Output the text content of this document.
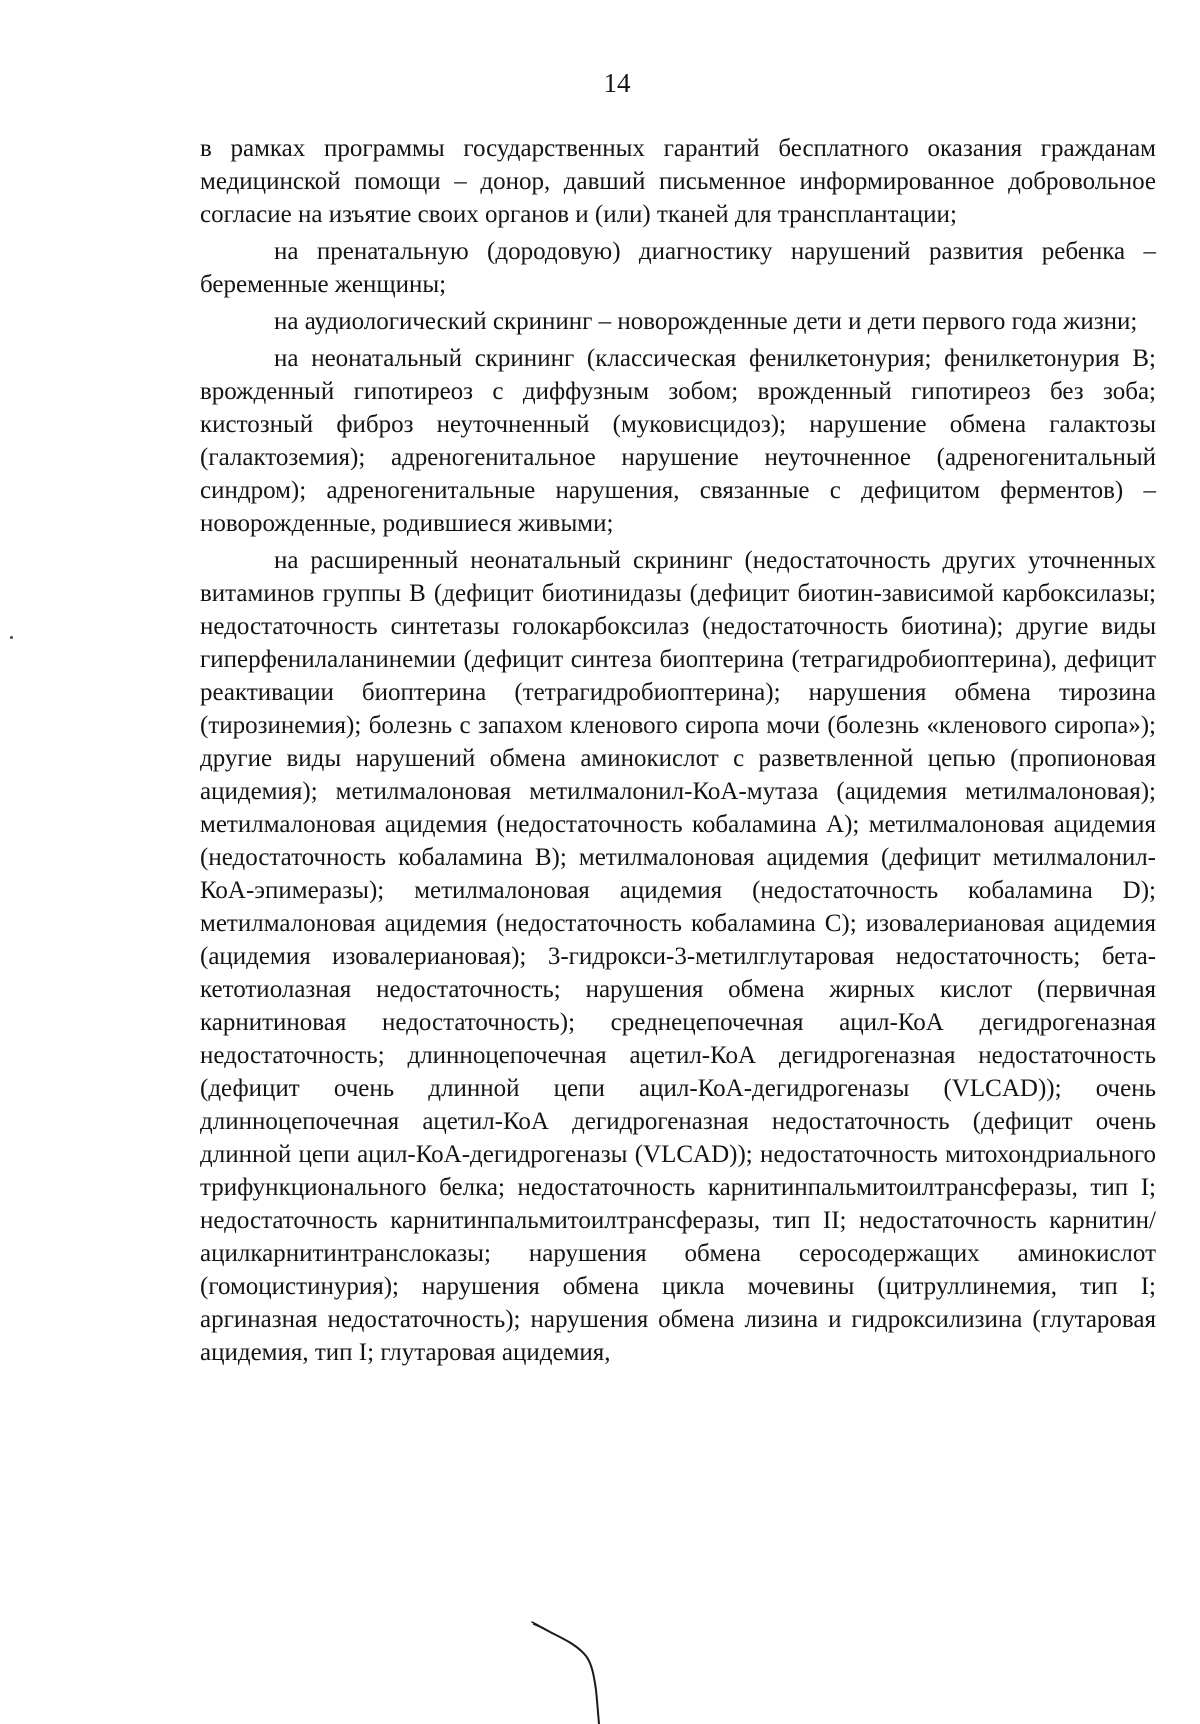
14

в рамках программы государственных гарантий бесплатного оказания гражданам медицинской помощи – донор, давший письменное информированное добровольное согласие на изъятие своих органов и (или) тканей для трансплантации;

на пренатальную (дородовую) диагностику нарушений развития ребенка – беременные женщины;

на аудиологический скрининг – новорожденные дети и дети первого года жизни;

на неонатальный скрининг (классическая фенилкетонурия; фенилкетонурия В; врожденный гипотиреоз с диффузным зобом; врожденный гипотиреоз без зоба; кистозный фиброз неуточненный (муковисцидоз); нарушение обмена галактозы (галактоземия); адреногенитальное нарушение неуточненное (адреногенитальный синдром); адреногенитальные нарушения, связанные с дефицитом ферментов) – новорожденные, родившиеся живыми;

на расширенный неонатальный скрининг (недостаточность других уточненных витаминов группы В (дефицит биотинидазы (дефицит биотин-зависимой карбоксилазы; недостаточность синтетазы голокарбоксилаз (недостаточность биотина); другие виды гиперфенилаланинемии (дефицит синтеза биоптерина (тетрагидробиоптерина), дефицит реактивации биоптерина (тетрагидробиоптерина); нарушения обмена тирозина (тирозинемия); болезнь с запахом кленового сиропа мочи (болезнь «кленового сиропа»); другие виды нарушений обмена аминокислот с разветвленной цепью (пропионовая ацидемия); метилмалоновая метилмалонил-КоА-мутаза (ацидемия метилмалоновая); метилмалоновая ацидемия (недостаточность кобаламина А); метилмалоновая ацидемия (недостаточность кобаламина В); метилмалоновая ацидемия (дефицит метилмалонил-КоА-эпимеразы); метилмалоновая ацидемия (недостаточность кобаламина D); метилмалоновая ацидемия (недостаточность кобаламина С); изовалериановая ацидемия (ацидемия изовалериановая); 3-гидрокси-3-метилглутаровая недостаточность; бета-кетотиолазная недостаточность; нарушения обмена жирных кислот (первичная карнитиновая недостаточность); среднецепочечная ацил-КоА дегидрогеназная недостаточность; длинноцепочечная ацетил-КоА дегидрогеназная недостаточность (дефицит очень длинной цепи ацил-КоА-дегидрогеназы (VLCAD)); очень длинноцепочечная ацетил-КоА дегидрогеназная недостаточность (дефицит очень длинной цепи ацил-КоА-дегидрогеназы (VLCAD)); недостаточность митохондриального трифункционального белка; недостаточность карнитинпальмитоилтрансферазы, тип I; недостаточность карнитинпальмитоилтрансферазы, тип II; недостаточность карнитин/ацилкарнитинтранслоказы; нарушения обмена серосодержащих аминокислот (гомоцистинурия); нарушения обмена цикла мочевины (цитруллинемия, тип I; аргиназная недостаточность); нарушения обмена лизина и гидроксилизина (глутаровая ацидемия, тип I; глутаровая ацидемия,
